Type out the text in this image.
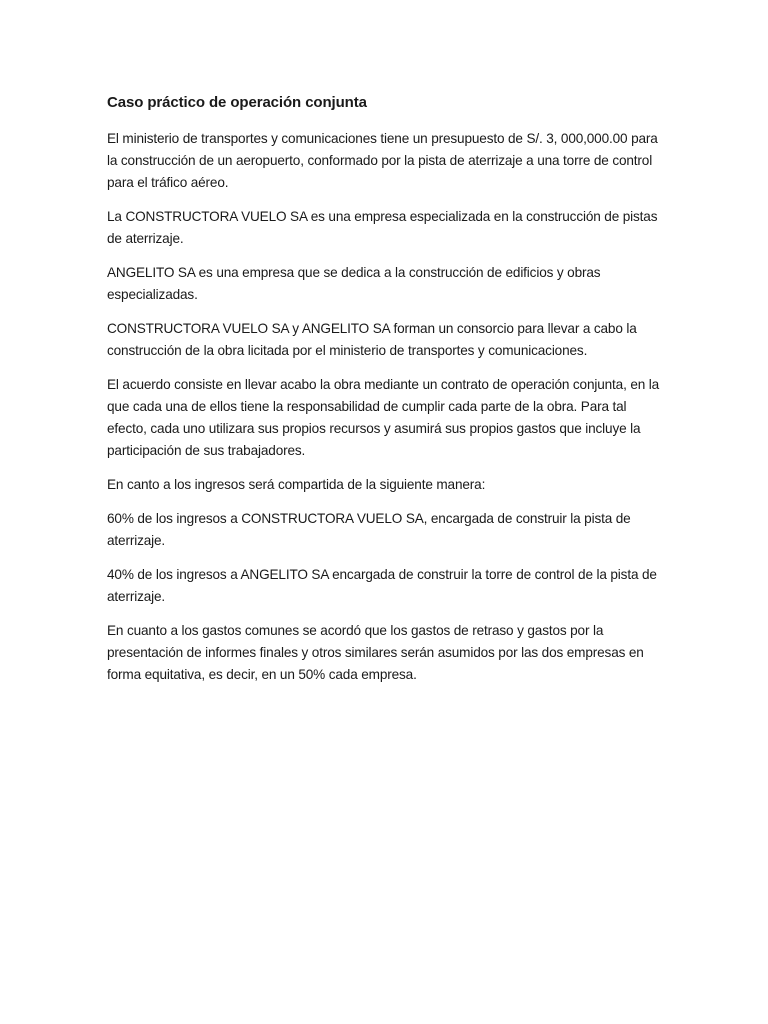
Caso práctico de operación conjunta

El ministerio de transportes y comunicaciones tiene un presupuesto de S/. 3, 000,000.00 para la construcción de un aeropuerto, conformado por la pista de aterrizaje a una torre de control para el tráfico aéreo.

La CONSTRUCTORA VUELO SA es una empresa especializada en la construcción de pistas de aterrizaje.

ANGELITO SA es una empresa que se dedica a la construcción de edificios y obras especializadas.

CONSTRUCTORA VUELO SA y ANGELITO SA forman un consorcio para llevar a cabo la construcción de la obra licitada por el ministerio de transportes y comunicaciones.

El acuerdo consiste en llevar acabo la obra mediante un contrato de operación conjunta, en la que cada una de ellos tiene la responsabilidad de cumplir cada parte de la obra. Para tal efecto, cada uno utilizara sus propios recursos y asumirá sus propios gastos que incluye la participación de sus trabajadores.

En canto a los ingresos será compartida de la siguiente manera:

60% de los ingresos a CONSTRUCTORA VUELO SA, encargada de construir la pista de aterrizaje.

40% de los ingresos a ANGELITO SA encargada de construir la torre de control de la pista de aterrizaje.

En cuanto a los gastos comunes se acordó que los gastos de retraso y gastos por la presentación de informes finales y otros similares serán asumidos por las dos empresas en forma equitativa, es decir, en un 50% cada empresa.
